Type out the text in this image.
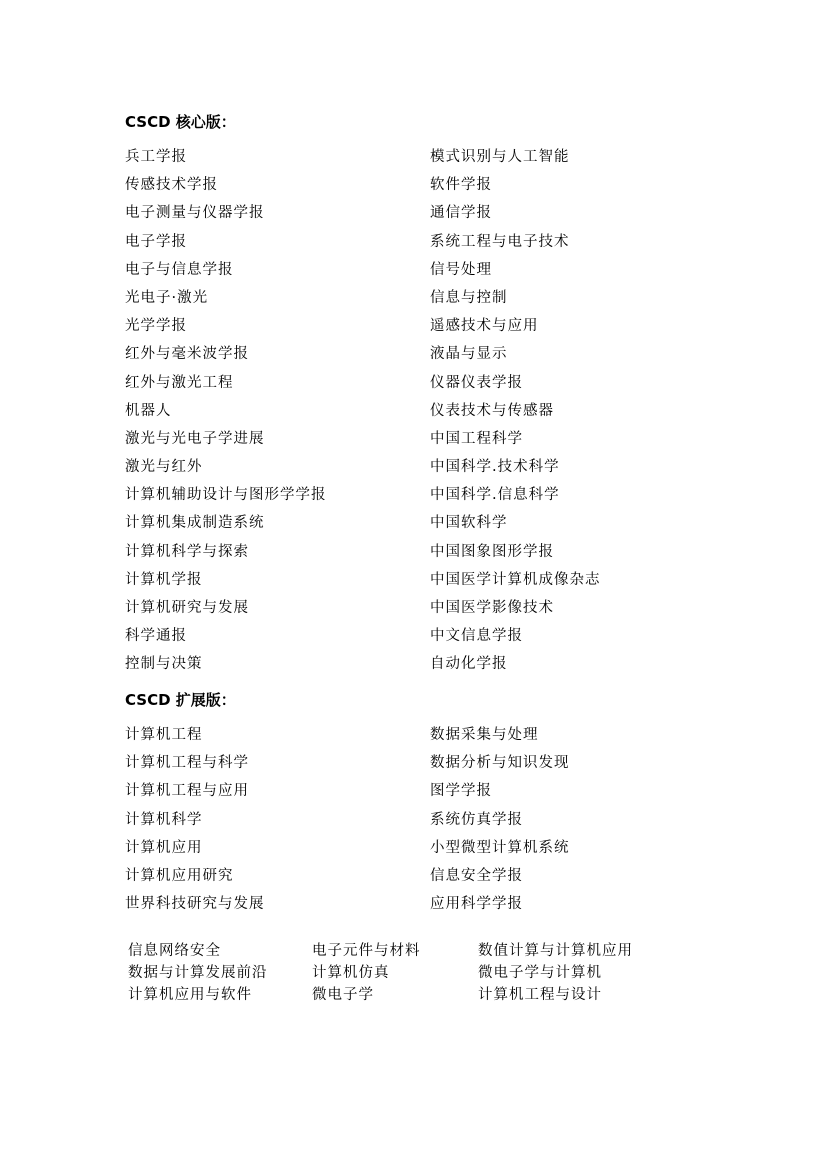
CSCD 核心版：
兵工学报
传感技术学报
电子测量与仪器学报
电子学报
电子与信息学报
光电子·激光
光学学报
红外与毫米波学报
红外与激光工程
机器人
激光与光电子学进展
激光与红外
计算机辅助设计与图形学学报
计算机集成制造系统
计算机科学与探索
计算机学报
计算机研究与发展
科学通报
控制与决策
模式识别与人工智能
软件学报
通信学报
系统工程与电子技术
信号处理
信息与控制
遥感技术与应用
液晶与显示
仪器仪表学报
仪表技术与传感器
中国工程科学
中国科学.技术科学
中国科学.信息科学
中国软科学
中国图象图形学报
中国医学计算机成像杂志
中国医学影像技术
中文信息学报
自动化学报
CSCD 扩展版：
计算机工程
计算机工程与科学
计算机工程与应用
计算机科学
计算机应用
计算机应用研究
世界科技研究与发展
数据采集与处理
数据分析与知识发现
图学学报
系统仿真学报
小型微型计算机系统
信息安全学报
应用科学学报
信息网络安全
数据与计算发展前沿
计算机应用与软件
电子元件与材料
计算机仿真
微电子学
数值计算与计算机应用
微电子学与计算机
计算机工程与设计
